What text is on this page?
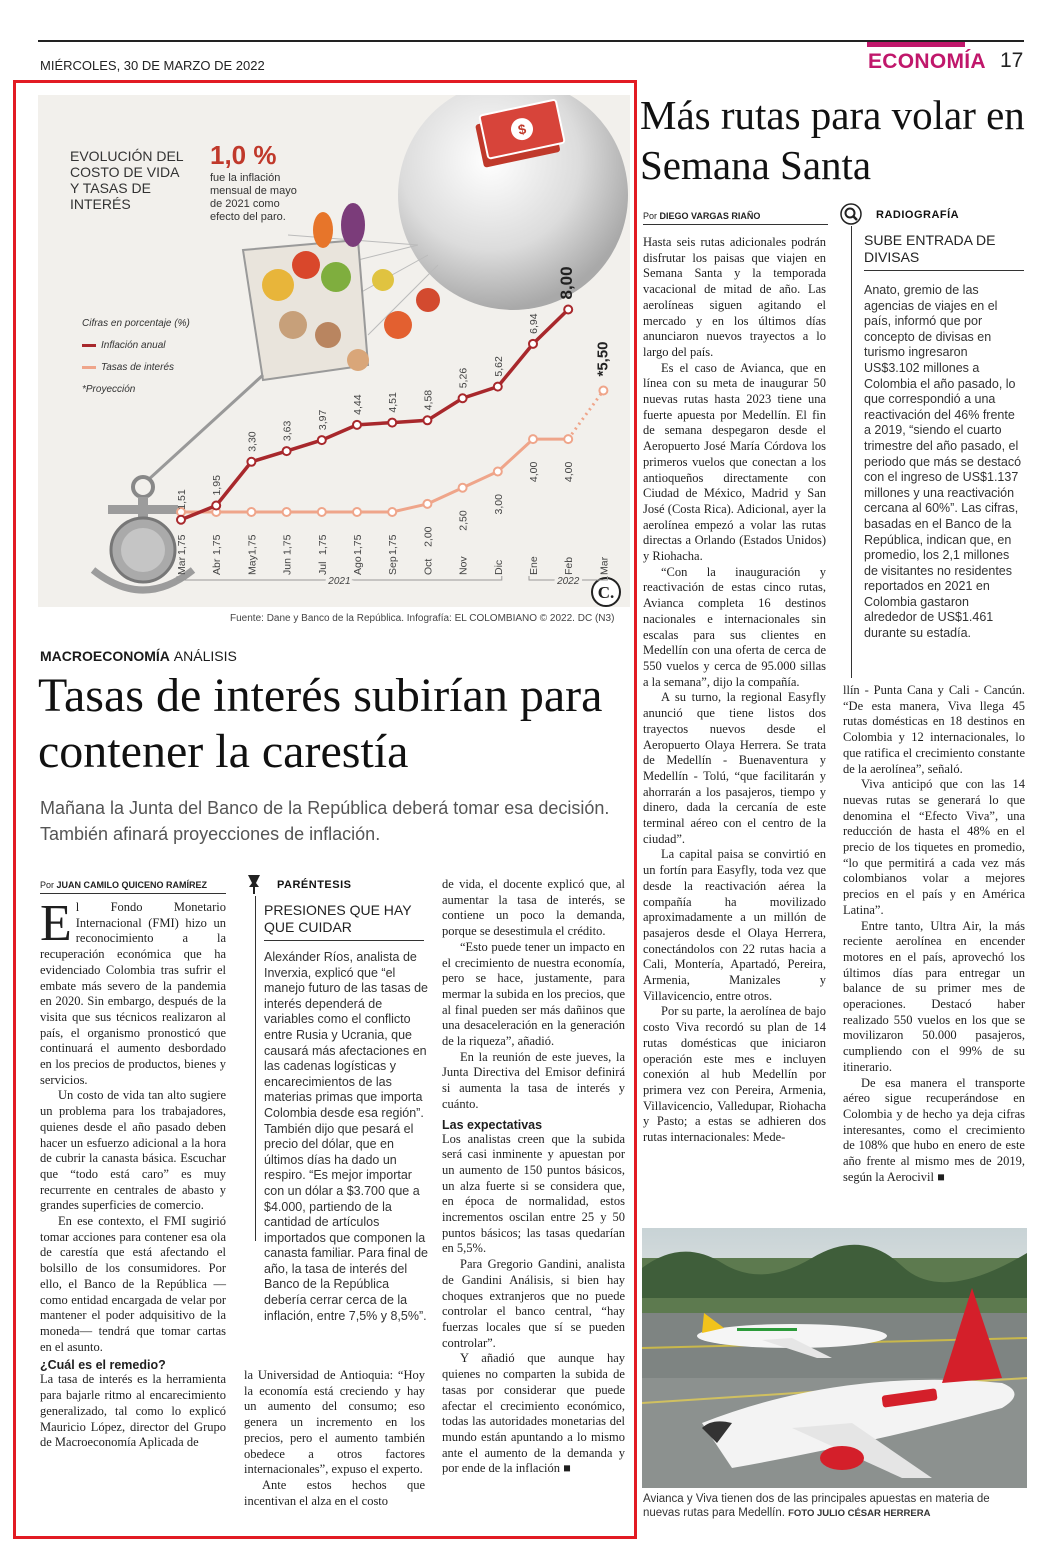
MIÉRCOLES, 30 DE MARZO DE 2022	ECONOMÍA 17
$
C.
EVOLUCIÓN DEL COSTO DE VIDA Y TASAS DE INTERÉS
1,0 %
fue la inflación mensual de mayo de 2021 como efecto del paro.
Cifras en porcentaje (%)
Inflación anual
Tasas de interés
*Proyección
1,75 1,75 1,75 1,75 1,75 1,75 1,75 2,00
2,50
3,00
4,00 4,00
*5,50
1,51
1,95
3,30
3,63
3,97
4,44 4,51 4,58
5,26
5,62
6,94
8,00
Mar Abr May Jun Jul Ago Sep Oct Nov Dic Ene Feb Mar
2021	2022
Fuente: Dane y Banco de la República. Infografía: EL COLOMBIANO © 2022. DC (N3)
MACROECONOMÍA ANÁLISIS
Tasas de interés subirían para contener la carestía
Mañana la Junta del Banco de la República deberá tomar esa decisión. También afinará proyecciones de inflación.
Por JUAN CAMILO QUICENO RAMÍREZ

El Fondo Monetario Internacional (FMI) hizo un reconocimiento a la recuperación económica que ha evidenciado Colombia tras sufrir el embate más severo de la pandemia en 2020. Sin embargo, después de la visita que sus técnicos realizaron al país, el organismo pronosticó que continuará el aumento desbordado en los precios de productos, bienes y servicios.

Un costo de vida tan alto sugiere un problema para los trabajadores, quienes desde el año pasado deben hacer un esfuerzo adicional a la hora de cubrir la canasta básica. Escuchar que “todo está caro” es muy recurrente en centrales de abasto y grandes superficies de comercio.

En ese contexto, el FMI sugirió tomar acciones para contener esa ola de carestía que está afectando el bolsillo de los consumidores. Por ello, el Banco de la República —como entidad encargada de velar por mantener el poder adquisitivo de la moneda— tendrá que tomar cartas en el asunto.

¿Cuál es el remedio?

La tasa de interés es la herramienta para bajarle ritmo al encarecimiento generalizado, tal como lo explicó Mauricio López, director del Grupo de Macroeconomía Aplicada de

PARÉNTESIS
PRESIONES QUE HAY QUE CUIDAR
Alexánder Ríos, analista de Inverxia, explicó que “el manejo futuro de las tasas de interés dependerá de variables como el conflicto entre Rusia y Ucrania, que causará más afectaciones en las cadenas logísticas y encarecimientos de las materias primas que importa Colombia desde esa región”. También dijo que pesará el precio del dólar, que en últimos días ha dado un respiro. “Es mejor importar con un dólar a $3.700 que a $4.000, partiendo de la cantidad de artículos importados que componen la canasta familiar. Para final de año, la tasa de interés del Banco de la República debería cerrar cerca de la inflación, entre 7,5% y 8,5%”.

la Universidad de Antioquia: “Hoy la economía está creciendo y hay un aumento del consumo; eso genera un incremento en los precios, pero el aumento también obedece a otros factores internacionales”, expuso el experto.

Ante estos hechos que incentivan el alza en el costo

de vida, el docente explicó que, al aumentar la tasa de interés, se contiene un poco la demanda, porque se desestimula el crédito.

“Esto puede tener un impacto en el crecimiento de nuestra economía, pero se hace, justamente, para mermar la subida en los precios, que al final pueden ser más dañinos que una desaceleración en la generación de la riqueza”, añadió.

En la reunión de este jueves, la Junta Directiva del Emisor definirá si aumenta la tasa de interés y cuánto.

Las expectativas

Los analistas creen que la subida será casi inminente y apuestan por un aumento de 150 puntos básicos, un alza fuerte si se considera que, en época de normalidad, estos incrementos oscilan entre 25 y 50 puntos básicos; las tasas quedarían en 5,5%.

Para Gregorio Gandini, analista de Gandini Análisis, si bien hay choques extranjeros que no puede controlar el banco central, “hay fuerzas locales que sí se pueden controlar”.

Y añadió que aunque hay quienes no comparten la subida de tasas por considerar que puede afectar el crecimiento económico, todas las autoridades monetarias del mundo están apuntando a lo mismo ante el aumento de la demanda y por ende de la inflación ■

Más rutas para volar en Semana Santa
Por DIEGO VARGAS RIAÑO

Hasta seis rutas adicionales podrán disfrutar los paisas que viajen en Semana Santa y la temporada vacacional de mitad de año. Las aerolíneas siguen agitando el mercado y en los últimos días anunciaron nuevos trayectos a lo largo del país.

Es el caso de Avianca, que en línea con su meta de inaugurar 50 nuevas rutas hasta 2023 tiene una fuerte apuesta por Medellín. El fin de semana despegaron desde el Aeropuerto José María Córdova los primeros vuelos que conectan a los antioqueños directamente con Ciudad de México, Madrid y San José (Costa Rica). Adicional, ayer la aerolínea empezó a volar las rutas directas a Orlando (Estados Unidos) y Riohacha.

“Con la inauguración y reactivación de estas cinco rutas, Avianca completa 16 destinos nacionales e internacionales sin escalas para sus clientes en Medellín con una oferta de cerca de 550 vuelos y cerca de 95.000 sillas a la semana”, dijo la compañía.

A su turno, la regional Easyfly anunció que tiene listos dos trayectos nuevos desde el Aeropuerto Olaya Herrera. Se trata de Medellín - Buenaventura y Medellín - Tolú, “que facilitarán y ahorrarán a los pasajeros, tiempo y dinero, dada la cercanía de este terminal aéreo con el centro de la ciudad”.

La capital paisa se convirtió en un fortín para Easyfly, toda vez que desde la reactivación aérea la compañía ha movilizado aproximadamente a un millón de pasajeros desde el Olaya Herrera, conectándolos con 22 rutas hacia a Cali, Montería, Apartadó, Pereira, Armenia, Manizales y Villavicencio, entre otros.

Por su parte, la aerolínea de bajo costo Viva recordó su plan de 14 rutas domésticas que iniciaron operación este mes e incluyen conexión al hub Medellín por primera vez con Pereira, Armenia, Villavicencio, Valledupar, Riohacha y Pasto; a estas se adhieren dos rutas internacionales: Mede-

RADIOGRAFÍA
SUBE ENTRADA DE DIVISAS
Anato, gremio de las agencias de viajes en el país, informó que por concepto de divisas en turismo ingresaron US$3.102 millones a Colombia el año pasado, lo que correspondió a una reactivación del 46% frente a 2019, “siendo el cuarto trimestre del año pasado, el periodo que más se destacó con el ingreso de US$1.137 millones y una reactivación cercana al 60%”. Las cifras, basadas en el Banco de la República, indican que, en promedio, los 2,1 millones de visitantes no residentes reportados en 2021 en Colombia gastaron alrededor de US$1.461 durante su estadía.

llín - Punta Cana y Cali - Cancún. “De esta manera, Viva llega 45 rutas domésticas en 18 destinos en Colombia y 12 internacionales, lo que ratifica el crecimiento constante de la aerolínea”, señaló.

Viva anticipó que con las 14 nuevas rutas se generará lo que denomina el “Efecto Viva”, una reducción de hasta el 48% en el precio de los tiquetes en promedio, “lo que permitirá a cada vez más colombianos volar a mejores precios en el país y en América Latina”.

Entre tanto, Ultra Air, la más reciente aerolínea en encender motores en el país, aprovechó los últimos días para entregar un balance de su primer mes de operaciones. Destacó haber realizado 550 vuelos en los que se movilizaron 50.000 pasajeros, cumpliendo con el 99% de su itinerario.

De esa manera el transporte aéreo sigue recuperándose en Colombia y de hecho ya deja cifras interesantes, como el crecimiento de 108% que hubo en enero de este año frente al mismo mes de 2019, según la Aerocivil ■

Avianca y Viva tienen dos de las principales apuestas en materia de nuevas rutas para Medellín. FOTO JULIO CÉSAR HERRERA
